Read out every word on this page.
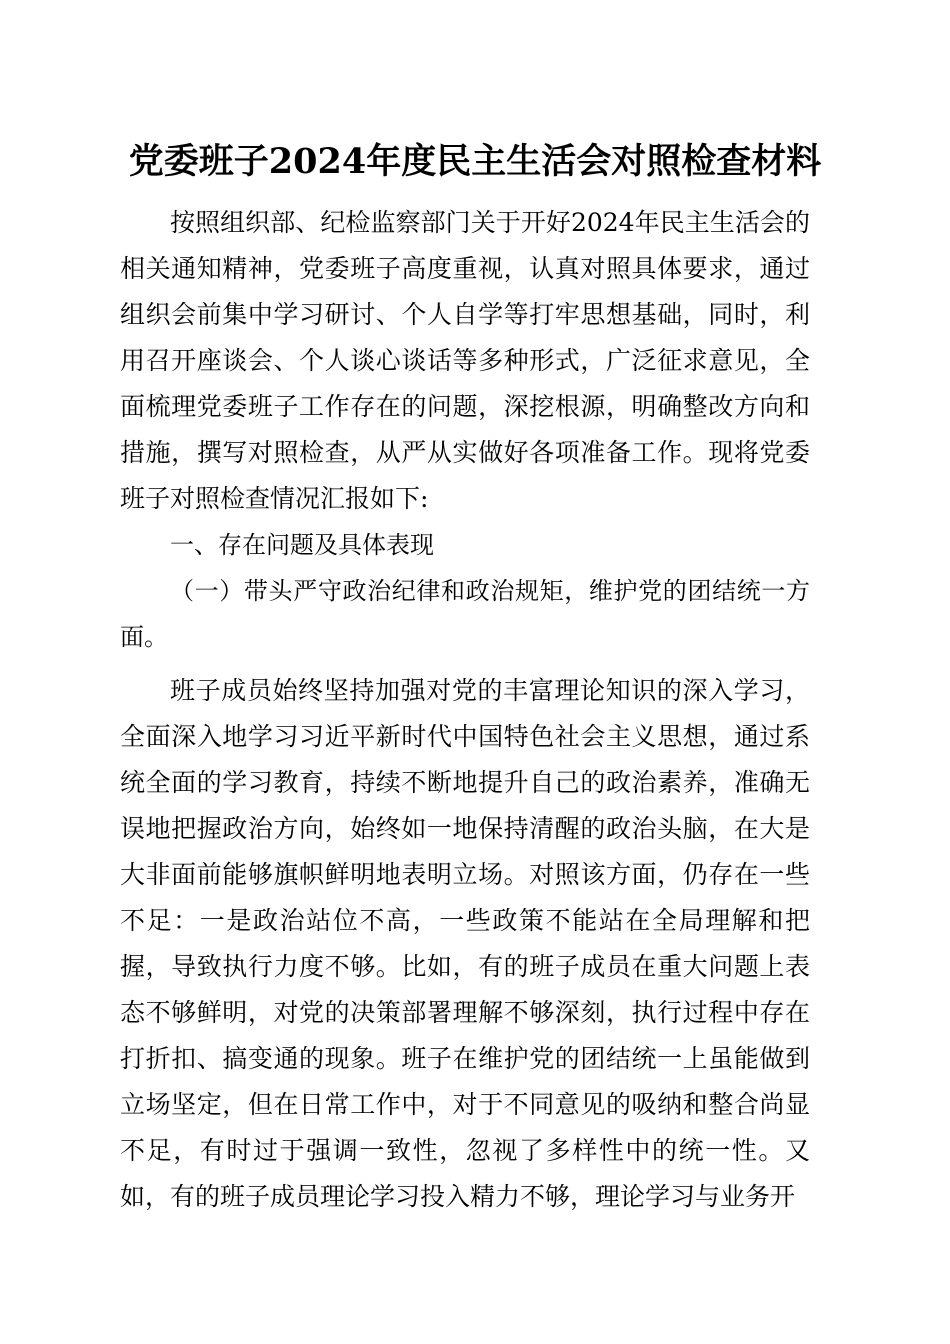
党委班子2024年度民主生活会对照检查材料

按照组织部、纪检监察部门关于开好2024年民主生活会的相关通知精神，党委班子高度重视，认真对照具体要求，通过组织会前集中学习研讨、个人自学等打牢思想基础，同时，利用召开座谈会、个人谈心谈话等多种形式，广泛征求意见，全面梳理党委班子工作存在的问题，深挖根源，明确整改方向和措施，撰写对照检查，从严从实做好各项准备工作。现将党委班子对照检查情况汇报如下:

一、存在问题及具体表现

（一）带头严守政治纪律和政治规矩，维护党的团结统一方面。

班子成员始终坚持加强对党的丰富理论知识的深入学习，全面深入地学习习近平新时代中国特色社会主义思想，通过系统全面的学习教育，持续不断地提升自己的政治素养，准确无误地把握政治方向，始终如一地保持清醒的政治头脑，在大是大非面前能够旗帜鲜明地表明立场。对照该方面，仍存在一些不足：一是政治站位不高，一些政策不能站在全局理解和把握，导致执行力度不够。比如，有的班子成员在重大问题上表态不够鲜明，对党的决策部署理解不够深刻，执行过程中存在打折扣、搞变通的现象。班子在维护党的团结统一上虽能做到立场坚定，但在日常工作中，对于不同意见的吸纳和整合尚显不足，有时过于强调一致性，忽视了多样性中的统一性。又如，有的班子成员理论学习投入精力不够，理论学习与业务开
